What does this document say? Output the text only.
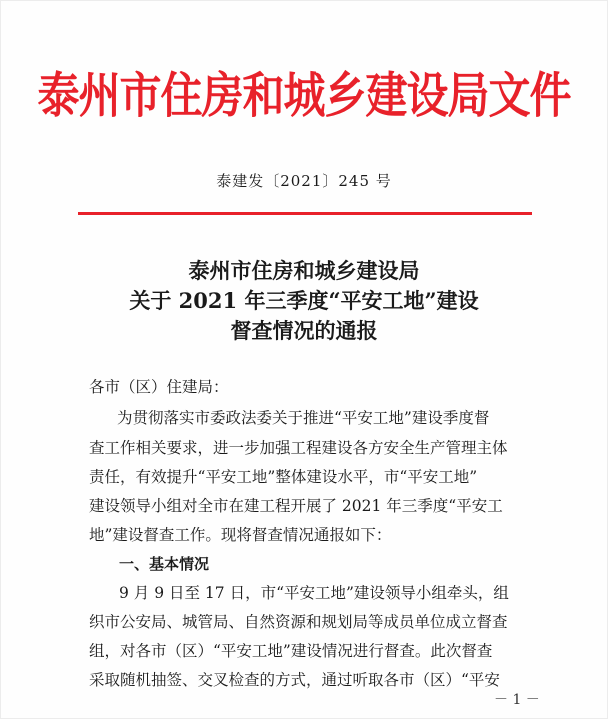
泰州市住房和城乡建设局文件
泰建发〔2021〕245 号
泰州市住房和城乡建设局
关于 2021 年三季度“平安工地”建设
督查情况的通报
各市（区）住建局：
为贯彻落实市委政法委关于推进“平安工地”建设季度督
查工作相关要求，进一步加强工程建设各方安全生产管理主体
责任，有效提升“平安工地”整体建设水平，市“平安工地”
建设领导小组对全市在建工程开展了 2021 年三季度“平安工
地”建设督查工作。现将督查情况通报如下：
一、基本情况
9 月 9 日至 17 日，市“平安工地”建设领导小组牵头，组
织市公安局、城管局、自然资源和规划局等成员单位成立督查
组，对各市（区）“平安工地”建设情况进行督查。此次督查
采取随机抽签、交叉检查的方式，通过听取各市（区）“平安
－ 1 －
